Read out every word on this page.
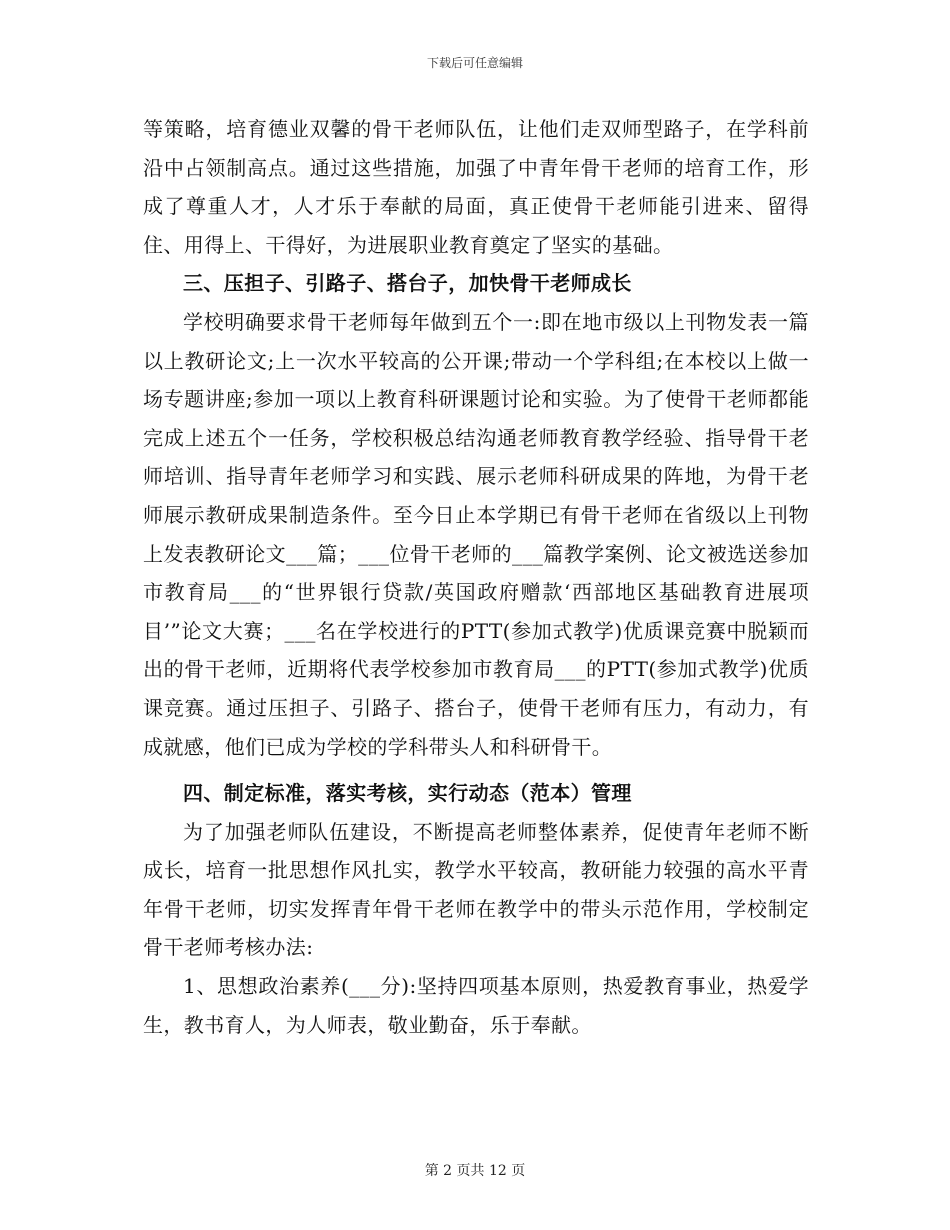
下载后可任意编辑

等策略，培育德业双馨的骨干老师队伍，让他们走双师型路子，在学科前沿中占领制高点。通过这些措施，加强了中青年骨干老师的培育工作，形成了尊重人才，人才乐于奉献的局面，真正使骨干老师能引进来、留得住、用得上、干得好，为进展职业教育奠定了坚实的基础。

三、压担子、引路子、搭台子，加快骨干老师成长

学校明确要求骨干老师每年做到五个一:即在地市级以上刊物发表一篇以上教研论文;上一次水平较高的公开课;带动一个学科组;在本校以上做一场专题讲座;参加一项以上教育科研课题讨论和实验。为了使骨干老师都能完成上述五个一任务，学校积极总结沟通老师教育教学经验、指导骨干老师培训、指导青年老师学习和实践、展示老师科研成果的阵地，为骨干老师展示教研成果制造条件。至今日止本学期已有骨干老师在省级以上刊物上发表教研论文___篇；___位骨干老师的___篇教学案例、论文被选送参加市教育局___的“世界银行贷款/英国政府赠款‘西部地区基础教育进展项目’”论文大赛；___名在学校进行的PTT(参加式教学)优质课竞赛中脱颖而出的骨干老师，近期将代表学校参加市教育局___的PTT(参加式教学)优质课竞赛。通过压担子、引路子、搭台子，使骨干老师有压力，有动力，有成就感，他们已成为学校的学科带头人和科研骨干。

四、制定标准，落实考核，实行动态（范本）管理

为了加强老师队伍建设，不断提高老师整体素养，促使青年老师不断成长，培育一批思想作风扎实，教学水平较高，教研能力较强的高水平青年骨干老师，切实发挥青年骨干老师在教学中的带头示范作用，学校制定骨干老师考核办法:

1、思想政治素养(___分):坚持四项基本原则，热爱教育事业，热爱学生，教书育人，为人师表，敬业勤奋，乐于奉献。

第 2 页共 12 页
